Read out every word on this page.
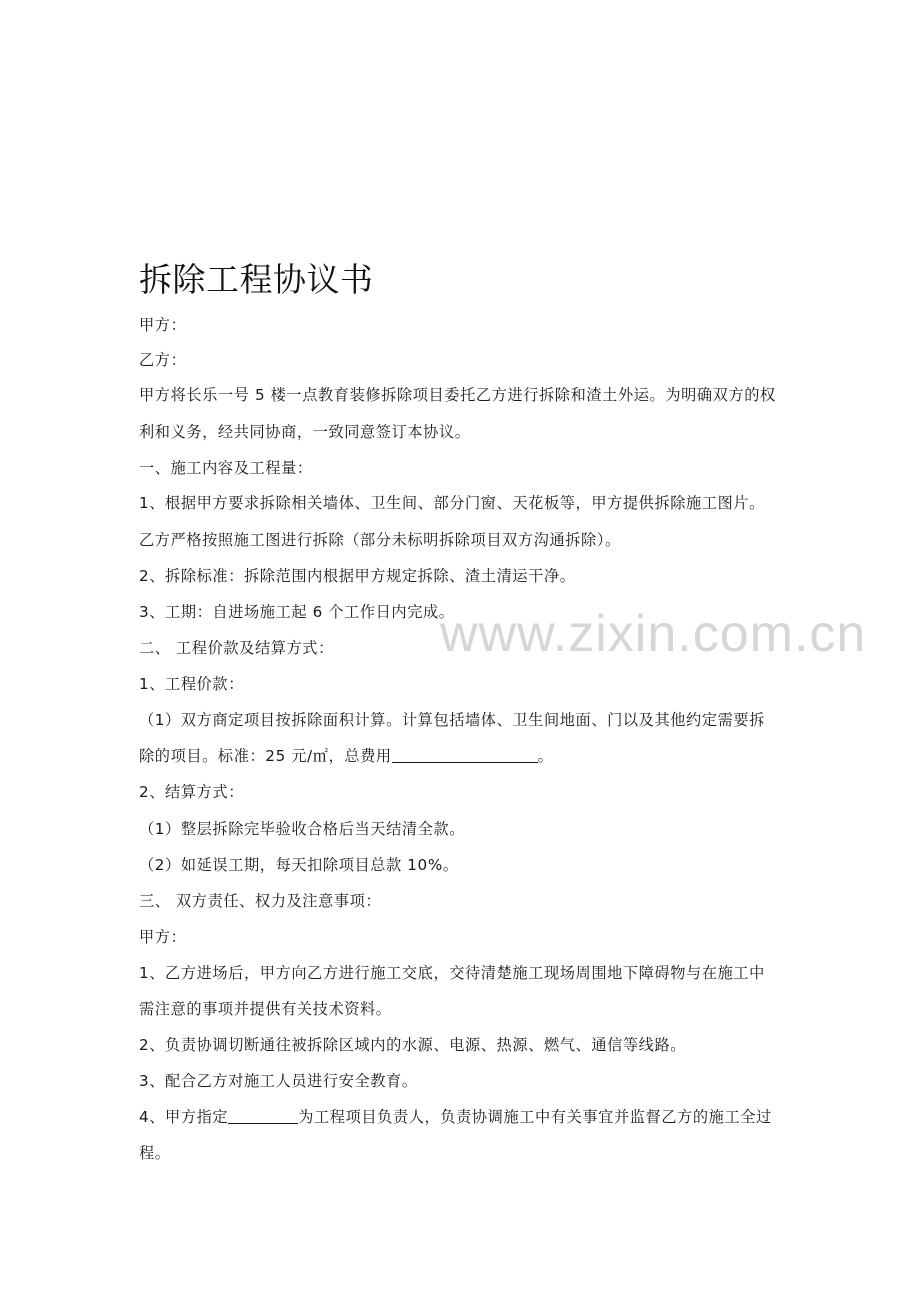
拆除工程协议书
甲方：
乙方：
甲方将长乐一号 5 楼一点教育装修拆除项目委托乙方进行拆除和渣土外运。为明确双方的权
利和义务，经共同协商，一致同意签订本协议。
一、施工内容及工程量：
1、根据甲方要求拆除相关墙体、卫生间、部分门窗、天花板等，甲方提供拆除施工图片。
乙方严格按照施工图进行拆除（部分未标明拆除项目双方沟通拆除）。
2、拆除标准：拆除范围内根据甲方规定拆除、渣土清运干净。
3、工期：自进场施工起 6 个工作日内完成。
二、 工程价款及结算方式：
1、工程价款：
（1）双方商定项目按拆除面积计算。计算包括墙体、卫生间地面、门以及其他约定需要拆
除的项目。标准：25 元/㎡，总费用	。
2、结算方式：
（1）整层拆除完毕验收合格后当天结清全款。
（2）如延误工期，每天扣除项目总款 10%。
三、 双方责任、权力及注意事项：
甲方：
1、乙方进场后，甲方向乙方进行施工交底，交待清楚施工现场周围地下障碍物与在施工中
需注意的事项并提供有关技术资料。
2、负责协调切断通往被拆除区域内的水源、电源、热源、燃气、通信等线路。
3、配合乙方对施工人员进行安全教育。
4、甲方指定	为工程项目负责人，负责协调施工中有关事宜并监督乙方的施工全过
程。
www.zixin.com.cn
